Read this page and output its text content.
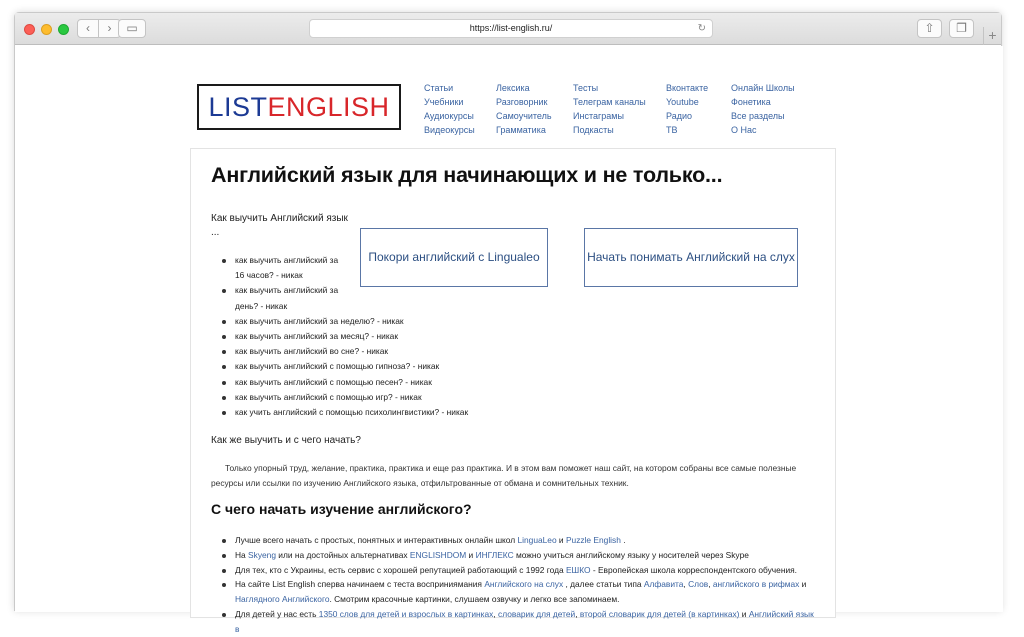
‹	›	▭	https://list-english.ru/	↻	⇧	❐	+
LISTENGLISH
Статьи
Учебники
Аудиокурсы
Видеокурсы
Лексика
Разговорник
Самоучитель
Грамматика
Тесты
Телеграм каналы
Инстаграмы
Подкасты
Вконтакте
Youtube
Радио
ТВ
Онлайн Школы
Фонетика
Все разделы
О Нас
Английский язык для начинающих и не только...
Как выучить Английский язык
...
Покори английский с Lingualeo	Начать понимать Английский на слух
как выучить английский за
16 часов? - никак
как выучить английский за
день? - никак
как выучить английский за неделю? - никак
как выучить английский за месяц? - никак
как выучить английский во сне? - никак
как выучить английский с помощью гипноза? - никак
как выучить английский с помощью песен? - никак
как выучить английский с помощью игр? - никак
как учить английский с помощью психолингвистики? - никак
Как же выучить и с чего начать?

Только упорный труд, желание, практика, практика и еще раз практика. И в этом вам поможет наш сайт, на котором собраны все самые полезные ресурсы или ссылки по изучению Английского языка, отфильтрованные от обмана и сомнительных техник.

С чего начать изучение английского?
Лучше всего начать с простых, понятных и интерактивных онлайн школ LinguaLeo и Puzzle English .
На Skyeng или на достойных альтернативах ENGLISHDOM и ИНГЛЕКС можно учиться английскому языку у носителей через Skype
Для тех, кто с Украины, есть сервис с хорошей репутацией работающий с 1992 года ЕШКО - Европейская школа корреспондентского обучения.
На сайте List English сперва начинаем с теста восприниямания Английского на слух , далее статьи типа Алфавита, Слов, английского в рифмах и Наглядного Английского. Смотрим красочные картинки, слушаем озвучку и легко все запоминаем.
Для детей у нас есть 1350 слов для детей и взрослых в картинках, словарик для детей, второй словарик для детей (в картинках) и Английский язык в
